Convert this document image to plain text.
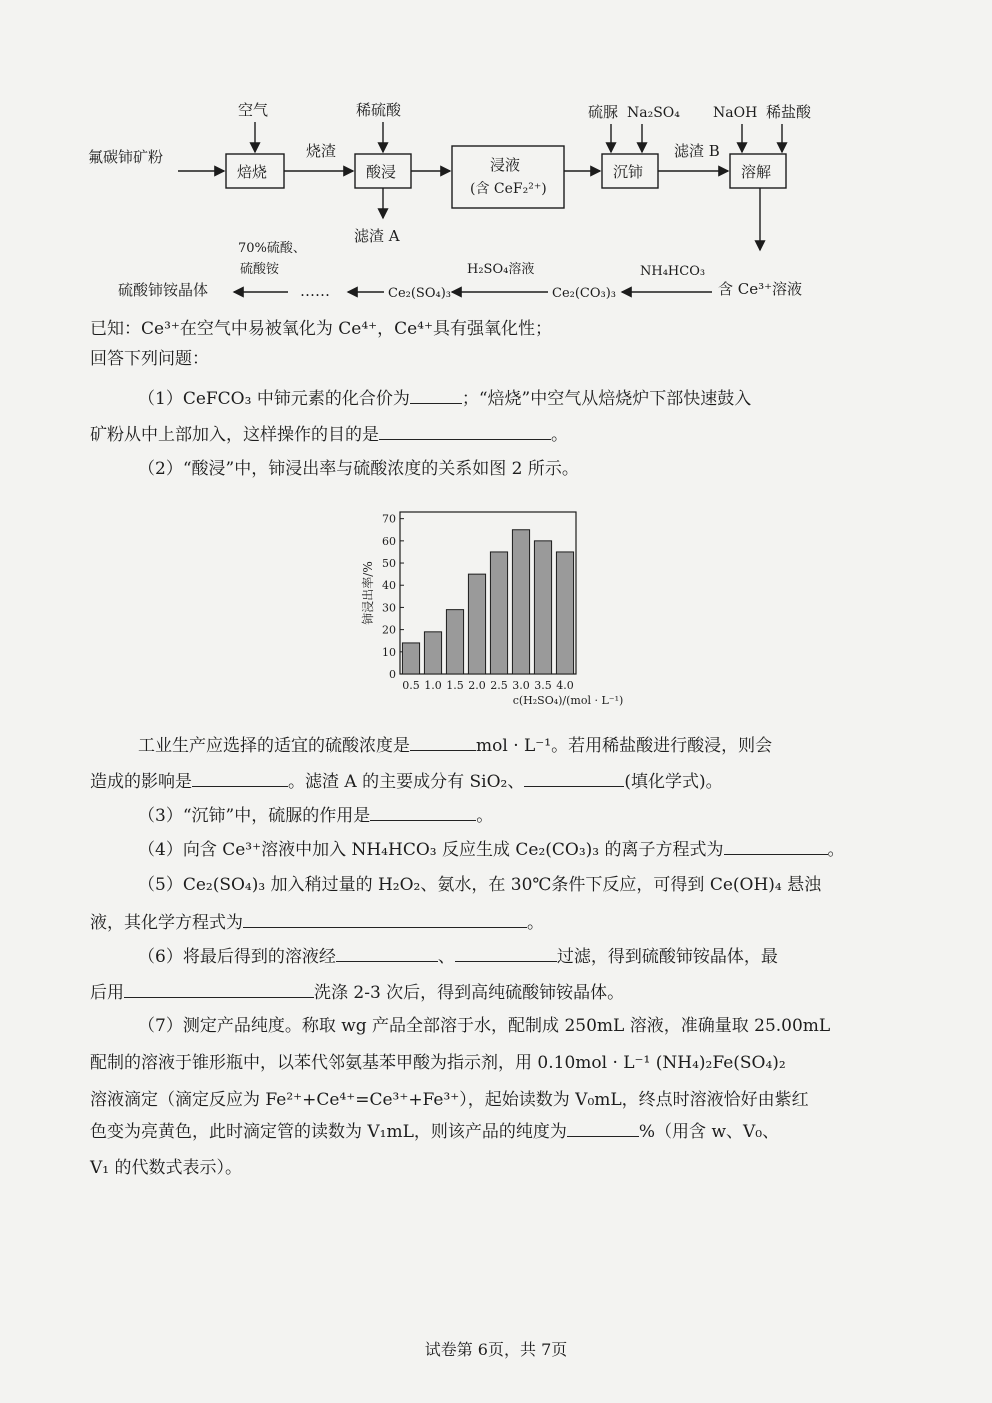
空气	稀硫酸	硫脲 Na₂SO₄ NaOH 稀盐酸
氟碳铈矿粉
焙烧	酸浸	浸液
(含 CeF₂²⁺)
沉铈	溶解
烧渣	滤渣 B
滤渣 A
70%硫酸、
硫酸铵	H₂SO₄溶液	NH₄HCO₃
硫酸铈铵晶体	……	Ce₂(SO₄)₃	Ce₂(CO₃)₃	含 Ce³⁺溶液
已知：Ce³⁺在空气中易被氧化为 Ce⁴⁺，Ce⁴⁺具有强氧化性；
回答下列问题：
（1）CeFCO₃ 中铈元素的化合价为	；“焙烧”中空气从焙烧炉下部快速鼓入
矿粉从中上部加入，这样操作的目的是	。
（2）“酸浸”中，铈浸出率与硫酸浓度的关系如图 2 所示。
0
10
20
30
40
50
60
70
0.5 1.0 1.5 2.0 2.5 3.0 3.5 4.0
铈浸出率/%
c(H₂SO₄)/(mol · L⁻¹)
工业生产应选择的适宜的硫酸浓度是	mol · L⁻¹。若用稀盐酸进行酸浸，则会
造成的影响是	。滤渣 A 的主要成分有 SiO₂、	(填化学式)。
（3）“沉铈”中，硫脲的作用是	。
（4）向含 Ce³⁺溶液中加入 NH₄HCO₃ 反应生成 Ce₂(CO₃)₃ 的离子方程式为	。
（5）Ce₂(SO₄)₃ 加入稍过量的 H₂O₂、氨水，在 30℃条件下反应，可得到 Ce(OH)₄ 悬浊
液，其化学方程式为	。
（6）将最后得到的溶液经	、	过滤，得到硫酸铈铵晶体，最
后用	洗涤 2-3 次后，得到高纯硫酸铈铵晶体。
（7）测定产品纯度。称取 wg 产品全部溶于水，配制成 250mL 溶液，准确量取 25.00mL
配制的溶液于锥形瓶中，以苯代邻氨基苯甲酸为指示剂，用 0.10mol · L⁻¹ (NH₄)₂Fe(SO₄)₂
溶液滴定（滴定反应为 Fe²⁺+Ce⁴⁺=Ce³⁺+Fe³⁺），起始读数为 V₀mL，终点时溶液恰好由紫红
色变为亮黄色，此时滴定管的读数为 V₁mL，则该产品的纯度为	%（用含 w、V₀、
V₁ 的代数式表示）。
试卷第 6页，共 7页
